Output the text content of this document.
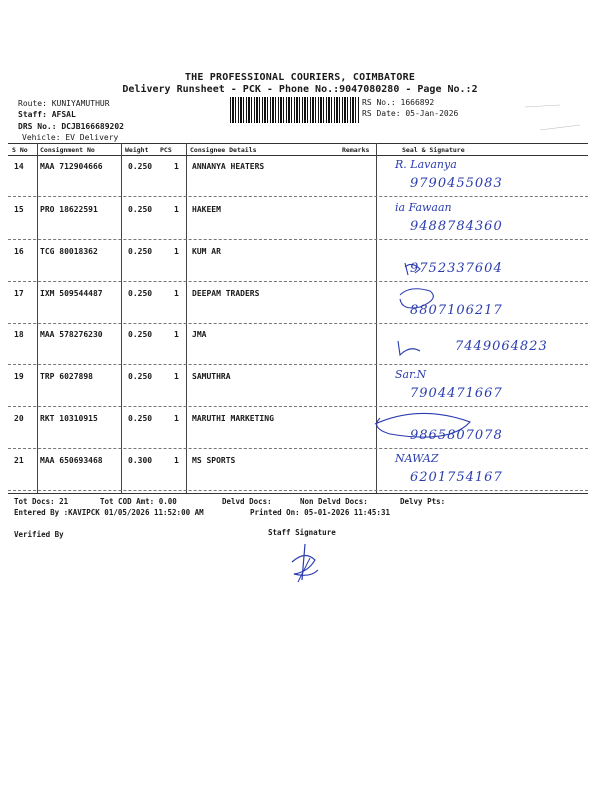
THE PROFESSIONAL COURIERS, COIMBATORE
Delivery Runsheet - PCK - Phone No.:9047080280 - Page No.:2
Route: KUNIYAMUTHUR
Staff: AFSAL
DRS No.: DCJB166689202
Vehicle: EV Delivery
RS No.: 1666892
RS Date: 05-Jan-2026
S No Consignment No	Weight PCS	Consignee Details	Remarks	Seal & Signature
14 MAA 712904666	0.250	1 ANNANYA HEATERS	R. Lavanya
9790455083
15 PRO 18622591	0.250	1 HAKEEM	ia Fawaan
9488784360
16 TCG 80018362	0.250	1 KUM AR
9752337604
17 IXM 509544487	0.250	1 DEEPAM TRADERS
8807106217
18 MAA 578276230	0.250	1 JMA
7449064823
19 TRP 6027898	0.250	1 SAMUTHRA	Sar.N
7904471667
20 RKT 10310915	0.250	1 MARUTHI MARKETING
9865807078
21 MAA 650693468	0.300	1 MS SPORTS	NAWAZ
6201754167
Tot Docs: 21	Tot COD Amt: 0.00	Delvd Docs:	Non Delvd Docs:	Delvy Pts:
Entered By :KAVIPCK 01/05/2026 11:52:00 AM	Printed On: 05-01-2026 11:45:31
Verified By	Staff Signature
